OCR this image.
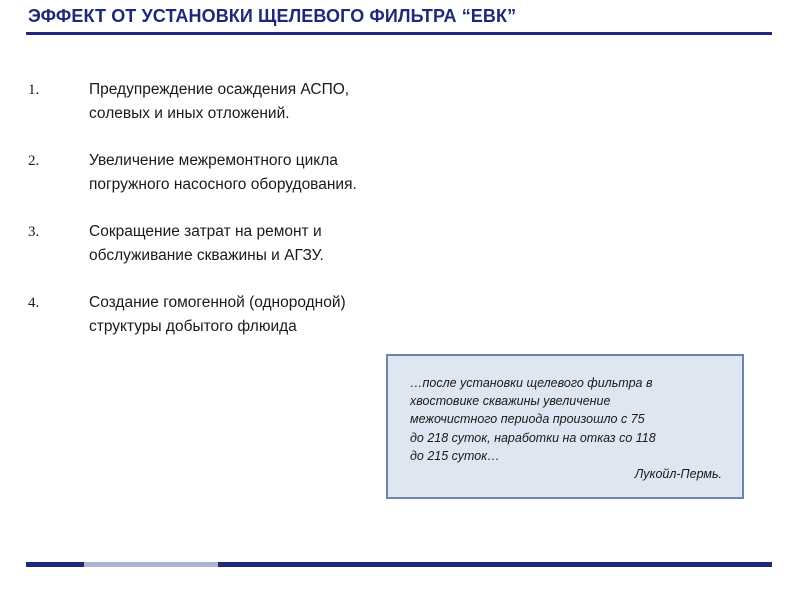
ЭФФЕКТ ОТ УСТАНОВКИ ЩЕЛЕВОГО ФИЛЬТРА “ЕВК”
1.	Предупреждение осаждения АСПО,
солевых и иных отложений.
2.	Увеличение межремонтного цикла
погружного насосного оборудования.
3.	Сокращение затрат на ремонт и
обслуживание скважины и АГЗУ.
4.	Создание гомогенной (однородной)
структуры добытого флюида
…после установки щелевого фильтра в
хвостовике скважины увеличение
межочистного периода произошло с 75
до 218 суток, наработки на отказ со 118
до 215 суток…
Лукойл-Пермь.
